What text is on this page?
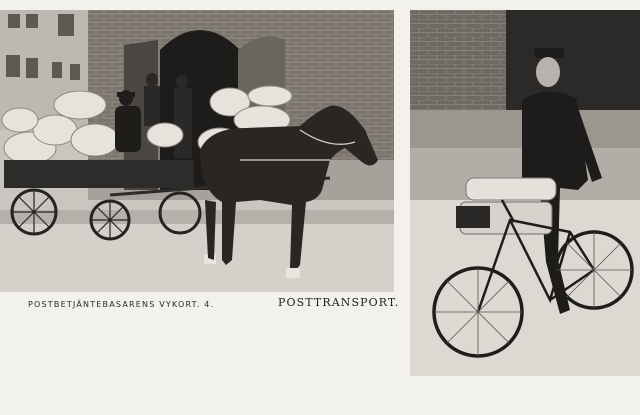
POSTBETJÄNTEBASARENS VYKORT. 4.	POSTTRANSPORT.
